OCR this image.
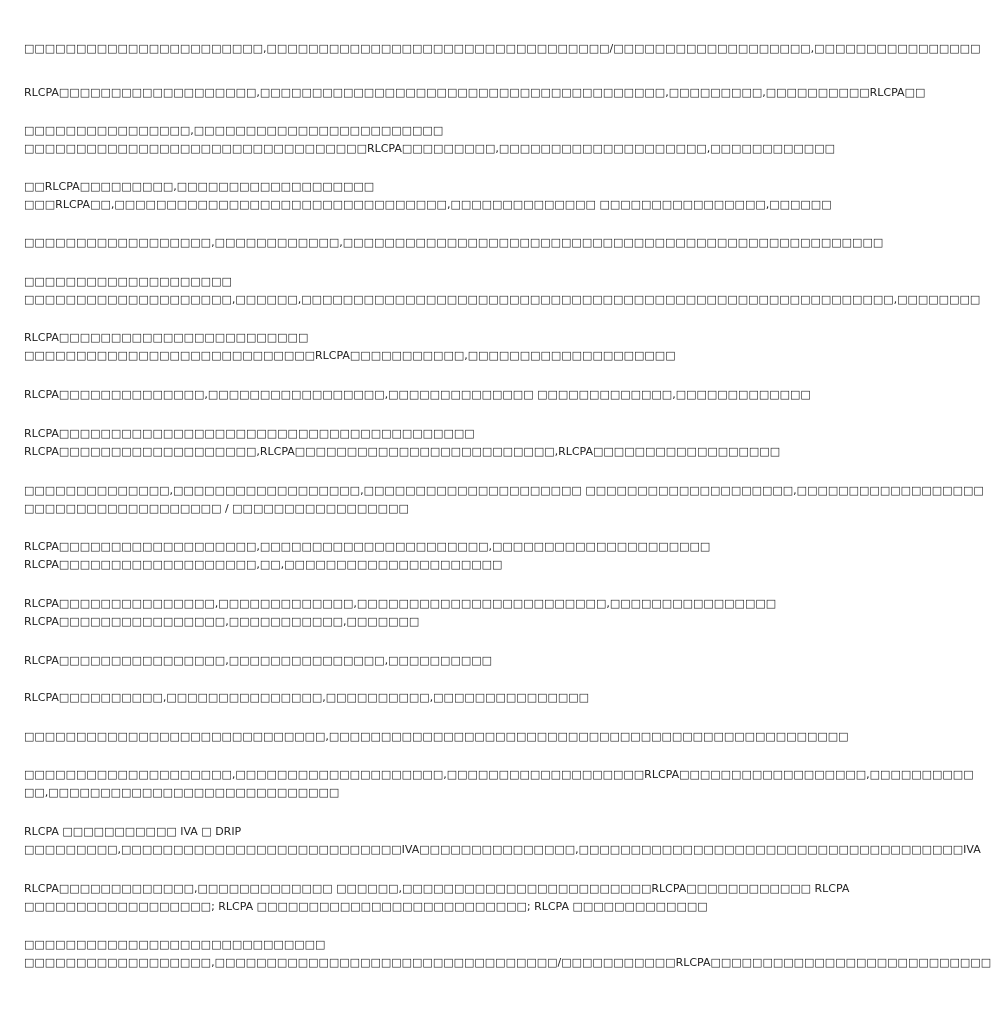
□□□□□□□□□□□□□□□□□□□□□□□,□□□□□□□□□□□□□□□□□□□□□□□□□□□□□□□□□/□□□□□□□□□□□□□□□□□□□,□□□□□□□□□□□□□□□□
RLCPA□□□□□□□□□□□□□□□□□□□,□□□□□□□□□□□□□□□□□□□□□□□□□□□□□□□□□□□□□□□,□□□□□□□□□,□□□□□□□□□□RLCPA□□
□□□□□□□□□□□□□□□□,□□□□□□□□□□□□□□□□□□□□□□□□
□□□□□□□□□□□□□□□□□□□□□□□□□□□□□□□□□RLCPA□□□□□□□□□,□□□□□□□□□□□□□□□□□□□□,□□□□□□□□□□□□
□□RLCPA□□□□□□□□□,□□□□□□□□□□□□□□□□□□□
□□□RLCPA□□,□□□□□□□□□□□□□□□□□□□□□□□□□□□□□□□□,□□□□□□□□□□□□□□ □□□□□□□□□□□□□□□□,□□□□□□
□□□□□□□□□□□□□□□□□□,□□□□□□□□□□□□,□□□□□□□□□□□□□□□□□□□□□□□□□□□□□□□□□□□□□□□□□□□□□□□□□□□□
□□□□□□□□□□□□□□□□□□□□
□□□□□□□□□□□□□□□□□□□□,□□□□□□,□□□□□□□□□□□□□□□□□□□□□□□□□□□□□□□□□□□□□□□□□□□□□□□□□□□□□□□□□,□□□□□□□□
RLCPA□□□□□□□□□□□□□□□□□□□□□□□□
□□□□□□□□□□□□□□□□□□□□□□□□□□□□RLCPA□□□□□□□□□□□,□□□□□□□□□□□□□□□□□□□□
RLCPA□□□□□□□□□□□□□□,□□□□□□□□□□□□□□□□□,□□□□□□□□□□□□□□ □□□□□□□□□□□□□,□□□□□□□□□□□□□
RLCPA□□□□□□□□□□□□□□□□□□□□□□□□□□□□□□□□□□□□□□□□
RLCPA□□□□□□□□□□□□□□□□□□□,RLCPA□□□□□□□□□□□□□□□□□□□□□□□□□,RLCPA□□□□□□□□□□□□□□□□□□
□□□□□□□□□□□□□□,□□□□□□□□□□□□□□□□□□,□□□□□□□□□□□□□□□□□□□□□ □□□□□□□□□□□□□□□□□□□□,□□□□□□□□□□□□□□□□□□
□□□□□□□□□□□□□□□□□□□ / □□□□□□□□□□□□□□□□□
RLCPA□□□□□□□□□□□□□□□□□□□,□□□□□□□□□□□□□□□□□□□□□□,□□□□□□□□□□□□□□□□□□□□□
RLCPA□□□□□□□□□□□□□□□□□□□,□□,□□□□□□□□□□□□□□□□□□□□□
RLCPA□□□□□□□□□□□□□□□,□□□□□□□□□□□□□,□□□□□□□□□□□□□□□□□□□□□□□□,□□□□□□□□□□□□□□□□
RLCPA□□□□□□□□□□□□□□□□,□□□□□□□□□□□,□□□□□□□
RLCPA□□□□□□□□□□□□□□□□,□□□□□□□□□□□□□□□,□□□□□□□□□□
RLCPA□□□□□□□□□□,□□□□□□□□□□□□□□□,□□□□□□□□□□,□□□□□□□□□□□□□□□
□□□□□□□□□□□□□□□□□□□□□□□□□□□□□,□□□□□□□□□□□□□□□□□□□□□□□□□□□□□□□□□□□□□□□□□□□□□□□□□□
□□□□□□□□□□□□□□□□□□□□,□□□□□□□□□□□□□□□□□□□□,□□□□□□□□□□□□□□□□□□□RLCPA□□□□□□□□□□□□□□□□□□,□□□□□□□□□□
□□,□□□□□□□□□□□□□□□□□□□□□□□□□□□□
RLCPA □□□□□□□□□□□ IVA □ DRIP
□□□□□□□□□,□□□□□□□□□□□□□□□□□□□□□□□□□□□IVA□□□□□□□□□□□□□□□,□□□□□□□□□□□□□□□□□□□□□□□□□□□□□□□□□□□□□IVA
RLCPA□□□□□□□□□□□□□,□□□□□□□□□□□□□ □□□□□□,□□□□□□□□□□□□□□□□□□□□□□□□RLCPA□□□□□□□□□□□□ RLCPA
□□□□□□□□□□□□□□□□□□; RLCPA □□□□□□□□□□□□□□□□□□□□□□□□□□; RLCPA □□□□□□□□□□□□□
□□□□□□□□□□□□□□□□□□□□□□□□□□□□□
□□□□□□□□□□□□□□□□□□,□□□□□□□□□□□□□□□□□□□□□□□□□□□□□□□□□/□□□□□□□□□□□RLCPA□□□□□□□□□□□□□□□□□□□□□□□□□□□
